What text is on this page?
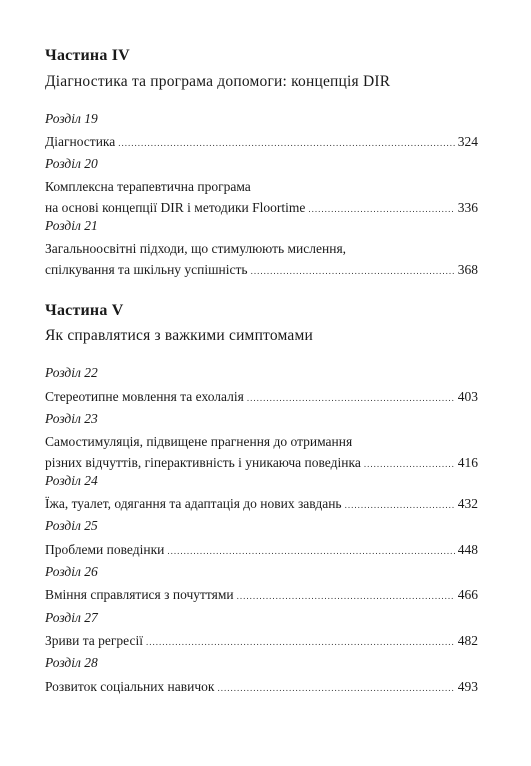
Частина IV
Діагностика та програма допомоги: концепція DIR
Розділ 19
Діагностика .....	324
Розділ 20
Комплексна терапевтична програма
на основі концепції DIR і методики Floortime .....	336
Розділ 21
Загальноосвітні підходи, що стимулюють мислення,
спілкування та шкільну успішність .....	368
Частина V
Як справлятися з важкими симптомами
Розділ 22
Стереотипне мовлення та ехолалія .....	403
Розділ 23
Самостимуляція, підвищене прагнення до отримання
різних відчуттів, гіперактивність і уникаюча поведінка .....	416
Розділ 24
Їжа, туалет, одягання та адаптація до нових завдань .....	432
Розділ 25
Проблеми поведінки .....	448
Розділ 26
Вміння справлятися з почуттями .....	466
Розділ 27
Зриви та регресії .....	482
Розділ 28
Розвиток соціальних навичок .....	493
